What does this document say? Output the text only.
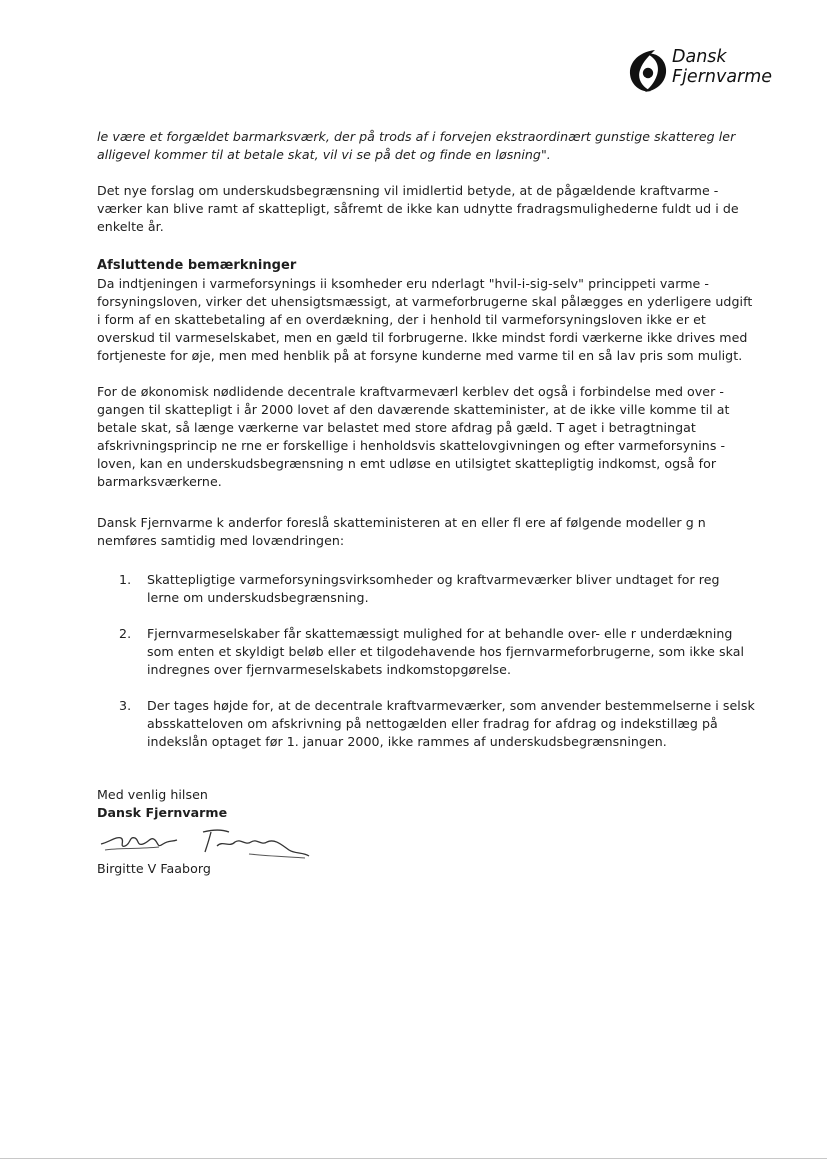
Dansk
Fjernvarme

le være et forgældet barmarksværk, der på trods af i forvejen ekstraordinært gunstige skattereg ler alligevel kommer til at betale skat, vil vi se på det og finde en løsning".

Det nye forslag om underskudsbegrænsning vil imidlertid betyde, at de pågældende kraftvarme - værker kan blive ramt af skattepligt, såfremt de ikke kan udnytte fradragsmulighederne fuldt ud i de enkelte år.

Afsluttende bemærkninger

Da indtjeningen i varmeforsynings ii ksomheder eru nderlagt "hvil-i-sig-selv" princippeti varme - forsyningsloven, virker det uhensigtsmæssigt, at varmeforbrugerne skal pålægges en yderligere udgift i form af en skattebetaling af en overdækning, der i henhold til varmeforsyningsloven ikke er et overskud til varmeselskabet, men en gæld til forbrugerne. Ikke mindst fordi værkerne ikke drives med fortjeneste for øje, men med henblik på at forsyne kunderne med varme til en så lav pris som muligt.

For de økonomisk nødlidende decentrale kraftvarmeværl kerblev det også i forbindelse med over - gangen til skattepligt i år 2000 lovet af den daværende skatteminister, at de ikke ville komme til at betale skat, så længe værkerne var belastet med store afdrag på gæld. T aget i betragtningat afskrivningsprincip ne rne er forskellige i henholdsvis skattelovgivningen og efter varmeforsynins - loven, kan en underskudsbegrænsning n emt udløse en utilsigtet skattepligtig indkomst, også for barmarksværkerne.

Dansk Fjernvarme k anderfor foreslå skatteministeren at en eller fl ere af følgende modeller g n nemføres samtidig med lovændringen:

1. Skattepligtige varmeforsyningsvirksomheder og kraftvarmeværker bliver undtaget for reg lerne om underskudsbegrænsning.
2. Fjernvarmeselskaber får skattemæssigt mulighed for at behandle over- elle r underdækning som enten et skyldigt beløb eller et tilgodehavende hos fjernvarmeforbrugerne, som ikke skal indregnes over fjernvarmeselskabets indkomstopgørelse.
3. Der tages højde for, at de decentrale kraftvarmeværker, som anvender bestemmelserne i selsk absskatteloven om afskrivning på nettogælden eller fradrag for afdrag og indekstillæg på indekslån optaget før 1. januar 2000, ikke rammes af underskudsbegrænsningen.

Med venlig hilsen

Dansk Fjernvarme

Birgitte V Faaborg
